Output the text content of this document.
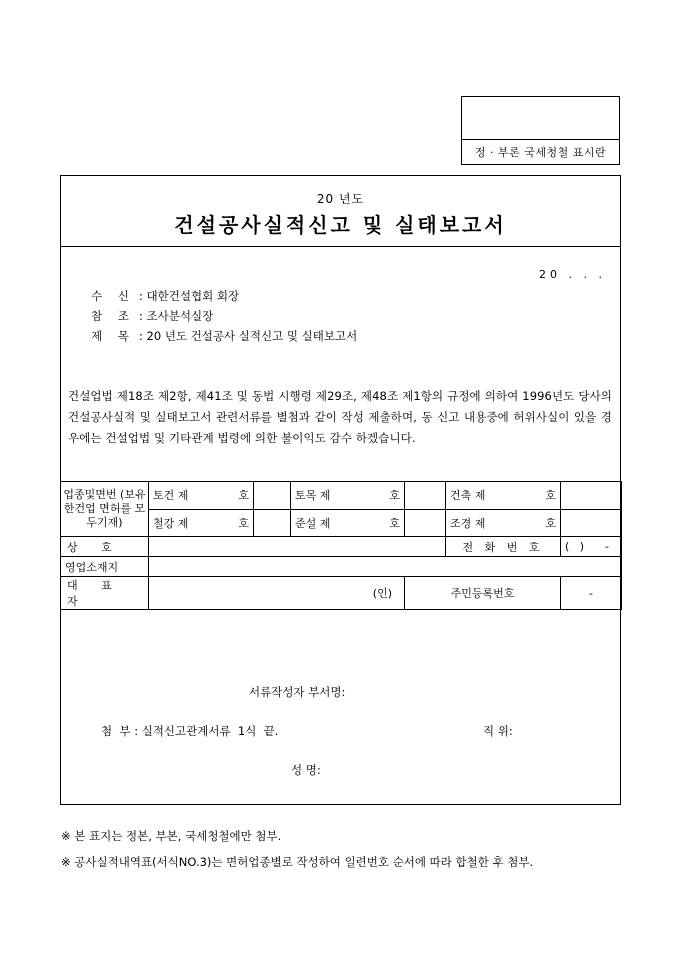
정 · 부론 국세청철 표시란
20 년도
건설공사실적신고 및 실태보고서
20 . . .
수 신 : 대한건설협회 회장
참 조 : 조사분석실장
제 목 : 20 년도 건설공사 실적신고 및 실태보고서
건설업법 제18조 제2항, 제41조 및 동법 시행령 제29조, 제48조 제1항의 규정에 의하여 1996년도 당사의 건설공사실적 및 실태보고서 관련서류를 별첨과 같이 작성 제출하며, 동 신고 내용중에 허위사실이 있을 경우에는 건설업법 및 기타관계 법령에 의한 불이익도 감수 하겠습니다.
업종및면번 (보유한건업 면허를 모두기재)	토건 제 호		토목 제 호		건축 제 호	

	철강 제 호		준설 제 호		조경 제 호	

상 호					전 화 번 호	(   )      -
영업소재지						
대 표 자	(인)			주민등록번호		-
서류작성자 부서명:
첨  부 : 실적신고관계서류  1식  끝.	직 위:
성 명:
※ 본 표지는 정본, 부본, 국세청철에만 첨부.
※ 공사실적내역표(서식NO.3)는 면허업종별로 작성하여 일련번호 순서에 따라 합철한 후 첨부.
